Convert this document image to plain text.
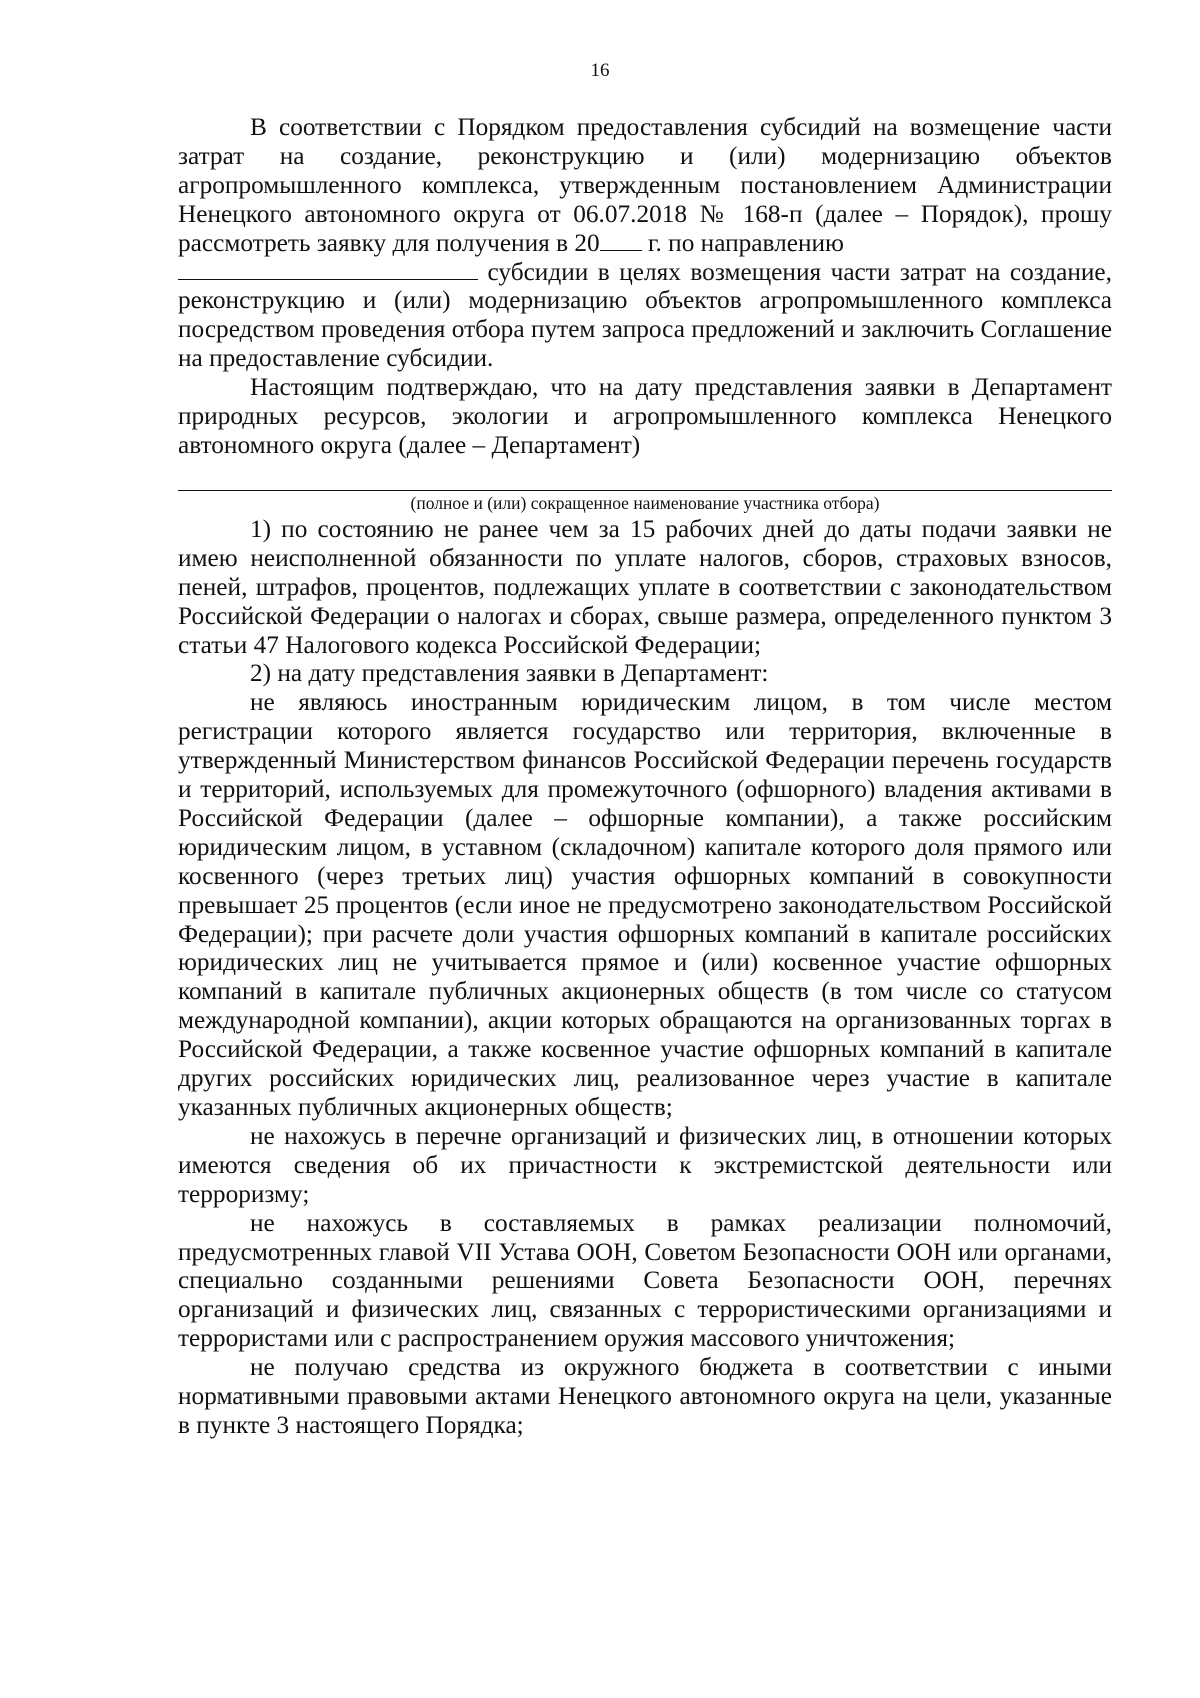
16

В соответствии с Порядком предоставления субсидий на возмещение части затрат на создание, реконструкцию и (или) модернизацию объектов агропромышленного комплекса, утвержденным постановлением Администрации Ненецкого автономного округа от 06.07.2018 № 168-п (далее – Порядок), прошу рассмотреть заявку для получения в 20 г. по направлению
субсидии в целях возмещения части затрат на создание, реконструкцию и (или) модернизацию объектов агропромышленного комплекса посредством проведения отбора путем запроса предложений и заключить Соглашение на предоставление субсидии.

Настоящим подтверждаю, что на дату представления заявки в Департамент природных ресурсов, экологии и агропромышленного комплекса Ненецкого автономного округа (далее – Департамент)

(полное и (или) сокращенное наименование участника отбора)

1) по состоянию не ранее чем за 15 рабочих дней до даты подачи заявки не имею неисполненной обязанности по уплате налогов, сборов, страховых взносов, пеней, штрафов, процентов, подлежащих уплате в соответствии с законодательством Российской Федерации о налогах и сборах, свыше размера, определенного пунктом 3 статьи 47 Налогового кодекса Российской Федерации;

2) на дату представления заявки в Департамент:

не являюсь иностранным юридическим лицом, в том числе местом регистрации которого является государство или территория, включенные в утвержденный Министерством финансов Российской Федерации перечень государств и территорий, используемых для промежуточного (офшорного) владения активами в Российской Федерации (далее – офшорные компании), а также российским юридическим лицом, в уставном (складочном) капитале которого доля прямого или косвенного (через третьих лиц) участия офшорных компаний в совокупности превышает 25 процентов (если иное не предусмотрено законодательством Российской Федерации); при расчете доли участия офшорных компаний в капитале российских юридических лиц не учитывается прямое и (или) косвенное участие офшорных компаний в капитале публичных акционерных обществ (в том числе со статусом международной компании), акции которых обращаются на организованных торгах в Российской Федерации, а также косвенное участие офшорных компаний в капитале других российских юридических лиц, реализованное через участие в капитале указанных публичных акционерных обществ;

не нахожусь в перечне организаций и физических лиц, в отношении которых имеются сведения об их причастности к экстремистской деятельности или терроризму;

не нахожусь в составляемых в рамках реализации полномочий, предусмотренных главой VII Устава ООН, Советом Безопасности ООН или органами, специально созданными решениями Совета Безопасности ООН, перечнях организаций и физических лиц, связанных с террористическими организациями и террористами или с распространением оружия массового уничтожения;

не получаю средства из окружного бюджета в соответствии с иными нормативными правовыми актами Ненецкого автономного округа на цели, указанные в пункте 3 настоящего Порядка;
